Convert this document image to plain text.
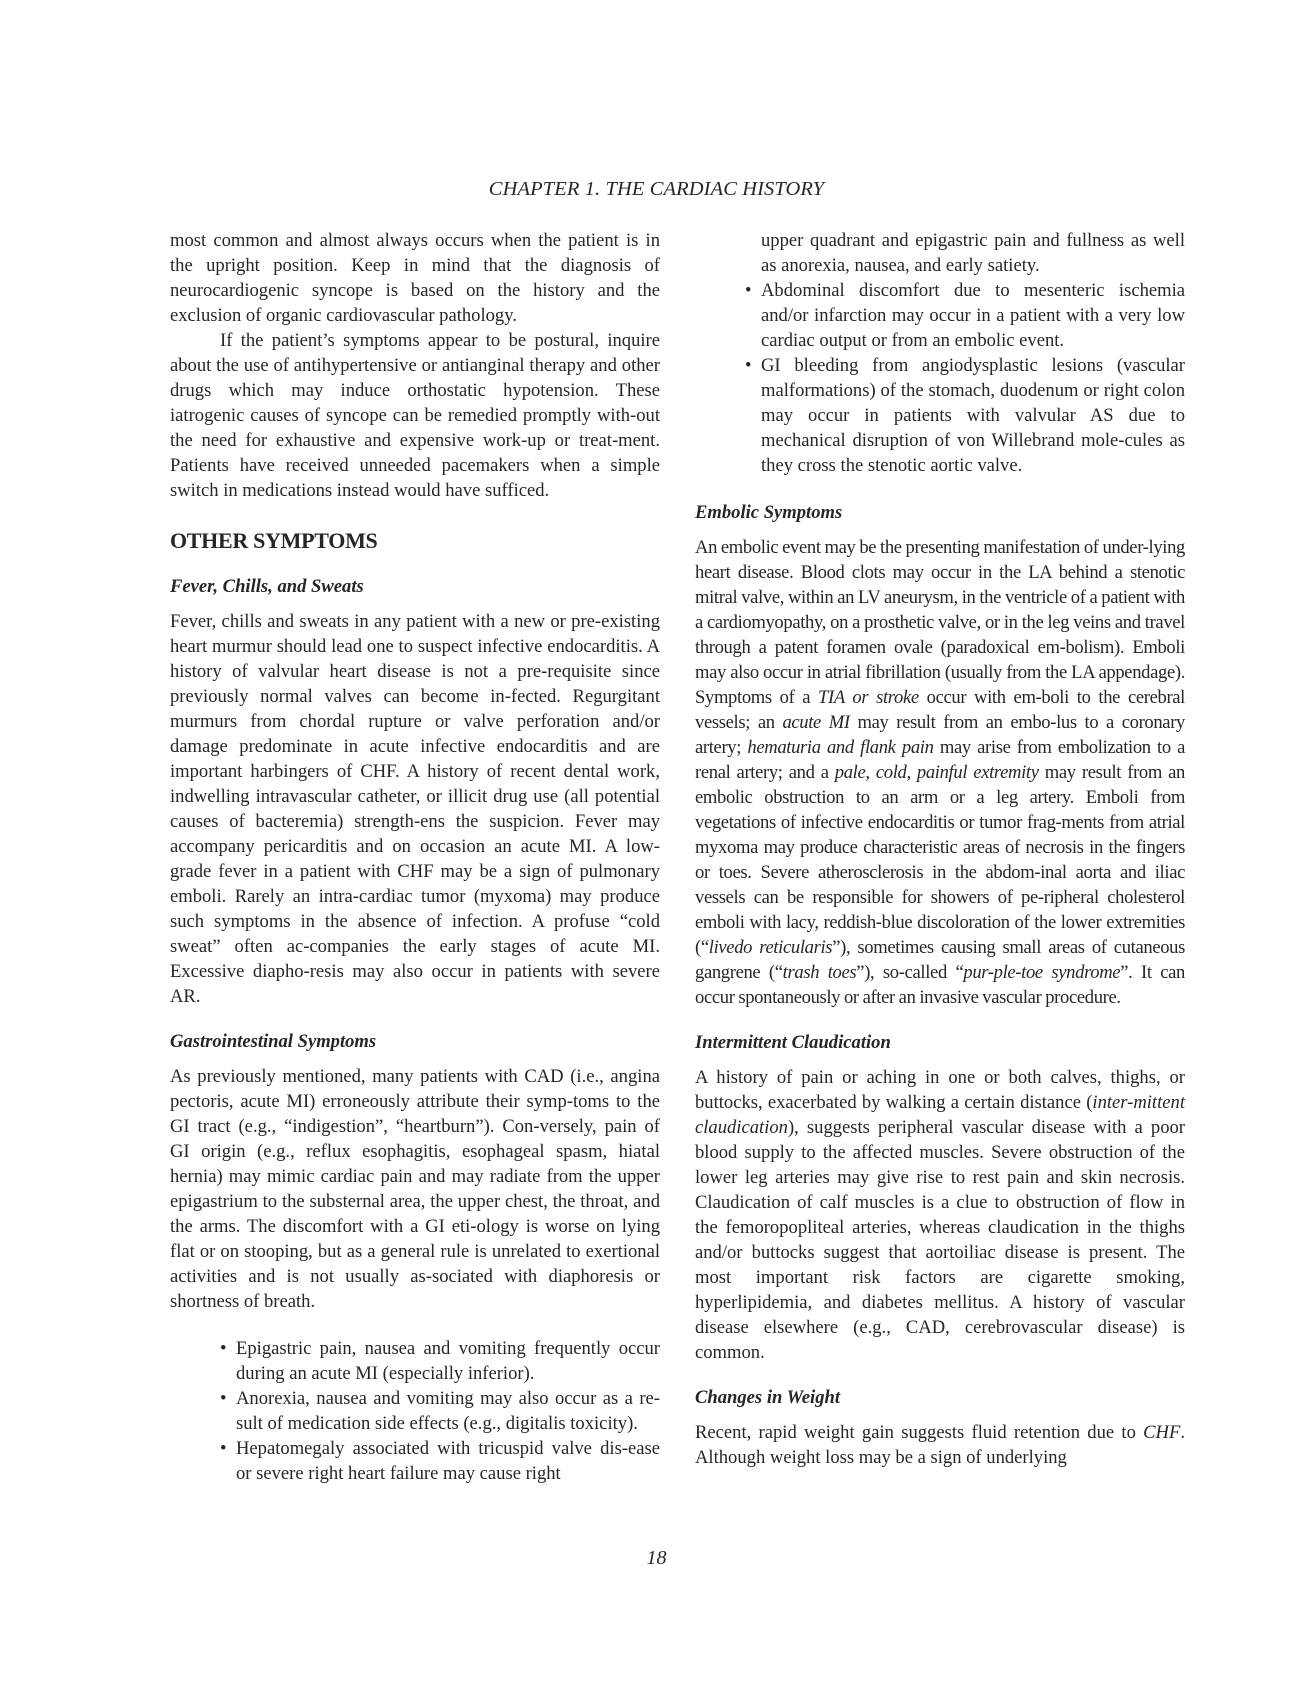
CHAPTER 1. THE CARDIAC HISTORY

most common and almost always occurs when the patient is in the upright position. Keep in mind that the diagnosis of neurocardiogenic syncope is based on the history and the exclusion of organic cardiovascular pathology.

If the patient’s symptoms appear to be postural, inquire about the use of antihypertensive or antianginal therapy and other drugs which may induce orthostatic hypotension. These iatrogenic causes of syncope can be remedied promptly with-out the need for exhaustive and expensive work-up or treat-ment. Patients have received unneeded pacemakers when a simple switch in medications instead would have sufficed.

OTHER SYMPTOMS
Fever, Chills, and Sweats

Fever, chills and sweats in any patient with a new or pre-existing heart murmur should lead one to suspect infective endocarditis. A history of valvular heart disease is not a pre-requisite since previously normal valves can become in-fected. Regurgitant murmurs from chordal rupture or valve perforation and/or damage predominate in acute infective endocarditis and are important harbingers of CHF. A history of recent dental work, indwelling intravascular catheter, or illicit drug use (all potential causes of bacteremia) strength-ens the suspicion. Fever may accompany pericarditis and on occasion an acute MI. A low-grade fever in a patient with CHF may be a sign of pulmonary emboli. Rarely an intra-cardiac tumor (myxoma) may produce such symptoms in the absence of infection. A profuse “cold sweat” often ac-companies the early stages of acute MI. Excessive diapho-resis may also occur in patients with severe AR.

Gastrointestinal Symptoms

As previously mentioned, many patients with CAD (i.e., angina pectoris, acute MI) erroneously attribute their symp-toms to the GI tract (e.g., “indigestion”, “heartburn”). Con-versely, pain of GI origin (e.g., reflux esophagitis, esophageal spasm, hiatal hernia) may mimic cardiac pain and may radiate from the upper epigastrium to the substernal area, the upper chest, the throat, and the arms. The discomfort with a GI eti-ology is worse on lying flat or on stooping, but as a general rule is unrelated to exertional activities and is not usually as-sociated with diaphoresis or shortness of breath.

• Epigastric pain, nausea and vomiting frequently occur during an acute MI (especially inferior).
• Anorexia, nausea and vomiting may also occur as a re-sult of medication side effects (e.g., digitalis toxicity).
• Hepatomegaly associated with tricuspid valve dis-ease or severe right heart failure may cause right
upper quadrant and epigastric pain and fullness as well as anorexia, nausea, and early satiety.
• Abdominal discomfort due to mesenteric ischemia and/or infarction may occur in a patient with a very low cardiac output or from an embolic event.
• GI bleeding from angiodysplastic lesions (vascular malformations) of the stomach, duodenum or right colon may occur in patients with valvular AS due to mechanical disruption of von Willebrand mole-cules as they cross the stenotic aortic valve.
Embolic Symptoms

An embolic event may be the presenting manifestation of under-lying heart disease. Blood clots may occur in the LA behind a stenotic mitral valve, within an LV aneurysm, in the ventricle of a patient with a cardiomyopathy, on a prosthetic valve, or in the leg veins and travel through a patent foramen ovale (paradoxical em-bolism). Emboli may also occur in atrial fibrillation (usually from the LA appendage). Symptoms of a TIA or stroke occur with em-boli to the cerebral vessels; an acute MI may result from an embo-lus to a coronary artery; hematuria and flank pain may arise from embolization to a renal artery; and a pale, cold, painful extremity may result from an embolic obstruction to an arm or a leg artery. Emboli from vegetations of infective endocarditis or tumor frag-ments from atrial myxoma may produce characteristic areas of necrosis in the fingers or toes. Severe atherosclerosis in the abdom-inal aorta and iliac vessels can be responsible for showers of pe-ripheral cholesterol emboli with lacy, reddish-blue discoloration of the lower extremities (“livedo reticularis”), sometimes causing small areas of cutaneous gangrene (“trash toes”), so-called “pur-ple-toe syndrome”. It can occur spontaneously or after an invasive vascular procedure.

Intermittent Claudication

A history of pain or aching in one or both calves, thighs, or buttocks, exacerbated by walking a certain distance (inter-mittent claudication), suggests peripheral vascular disease with a poor blood supply to the affected muscles. Severe obstruction of the lower leg arteries may give rise to rest pain and skin necrosis. Claudication of calf muscles is a clue to obstruction of flow in the femoropopliteal arteries, whereas claudication in the thighs and/or buttocks suggest that aortoiliac disease is present. The most important risk factors are cigarette smoking, hyperlipidemia, and diabetes mellitus. A history of vascular disease elsewhere (e.g., CAD, cerebrovascular disease) is common.

Changes in Weight

Recent, rapid weight gain suggests fluid retention due to CHF. Although weight loss may be a sign of underlying

18
